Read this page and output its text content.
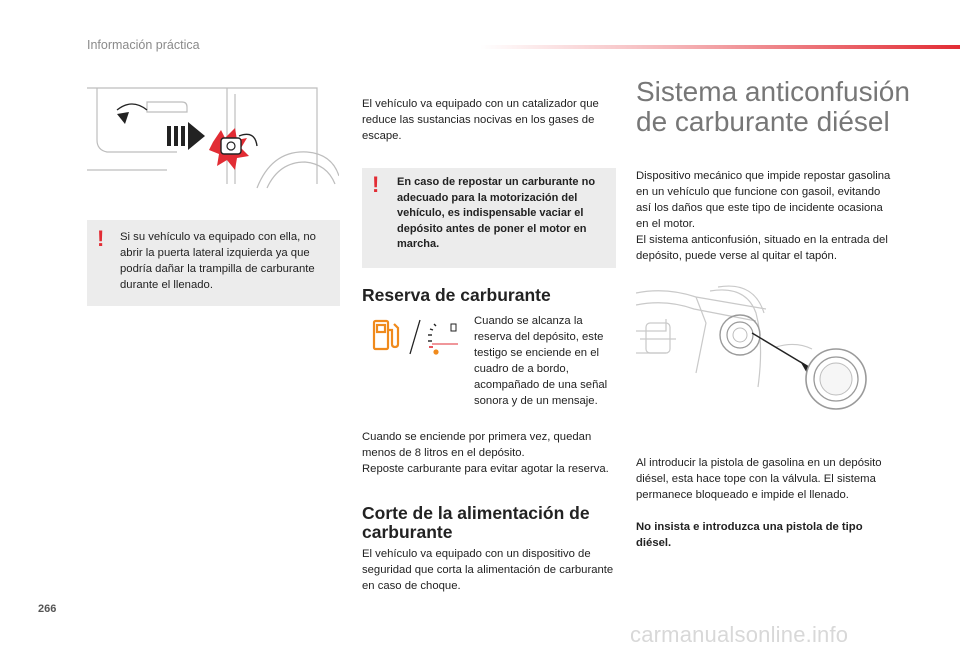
Información práctica
! Si su vehículo va equipado con ella, no abrir la puerta lateral izquierda ya que podría dañar la trampilla de carburante durante el llenado.
El vehículo va equipado con un catalizador que reduce las sustancias nocivas en los gases de escape.
! En caso de repostar un carburante no adecuado para la motorización del vehículo, es indispensable vaciar el depósito antes de poner el motor en marcha.
Reserva de carburante
Cuando se alcanza la reserva del depósito, este testigo se enciende en el cuadro de a bordo, acompañado de una señal sonora y de un mensaje.
Cuando se enciende por primera vez, quedan menos de 8 litros en el depósito.
Reposte carburante para evitar agotar la reserva.
Corte de la alimentación de carburante
El vehículo va equipado con un dispositivo de seguridad que corta la alimentación de carburante en caso de choque.
Sistema anticonfusión de carburante diésel
Dispositivo mecánico que impide repostar gasolina en un vehículo que funcione con gasoil, evitando así los daños que este tipo de incidente ocasiona en el motor.
El sistema anticonfusión, situado en la entrada del depósito, puede verse al quitar el tapón.
Al introducir la pistola de gasolina en un depósito diésel, esta hace tope con la válvula. El sistema permanece bloqueado e impide el llenado.
No insista e introduzca una pistola de tipo diésel.
266
carmanualsonline.info
